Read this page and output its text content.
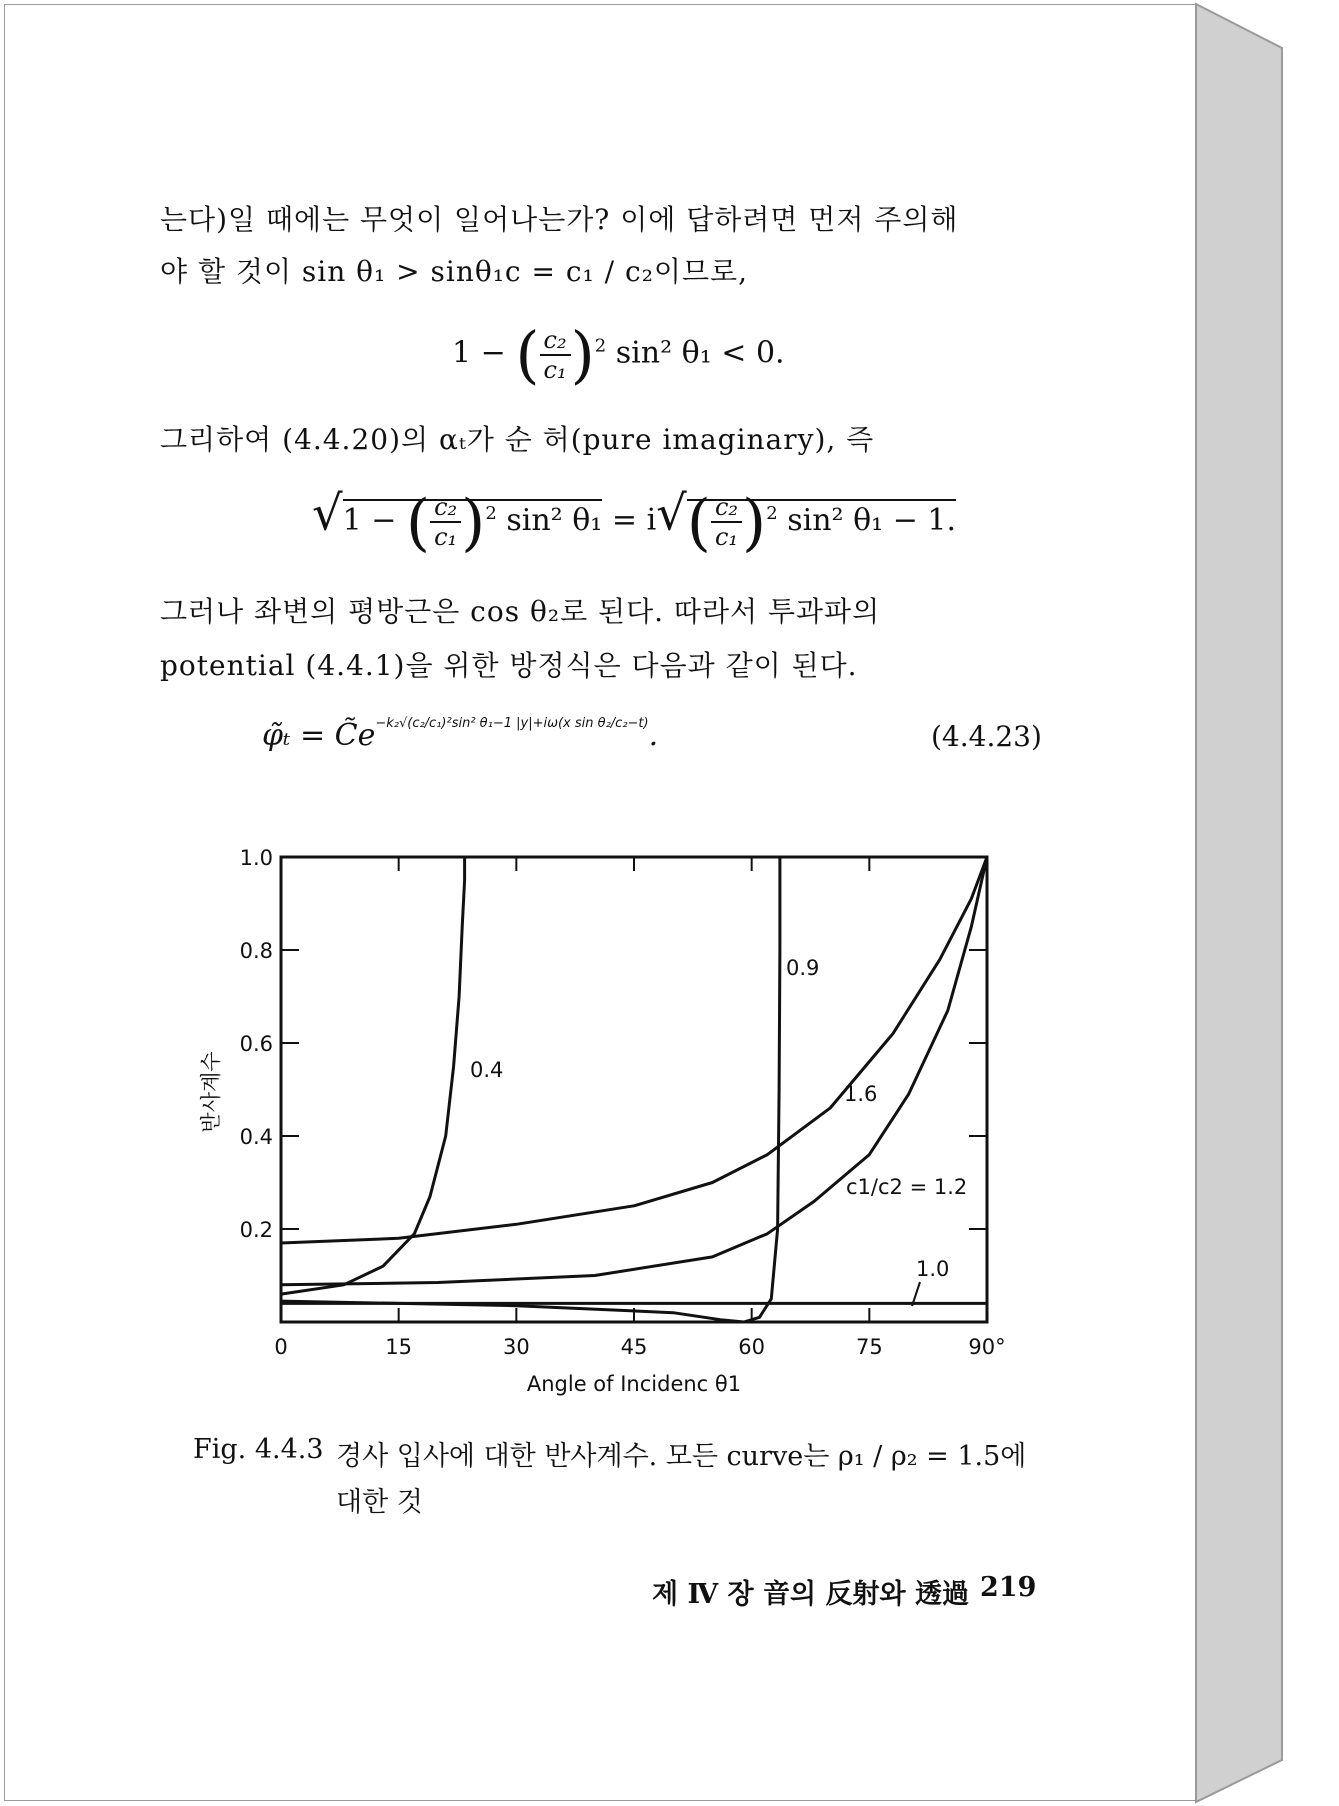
는다)일 때에는 무엇이 일어나는가? 이에 답하려면 먼저 주의해
야 할 것이 sin θ₁ > sinθ₁c = c₁ / c₂이므로,
1 − ( $\frac{\text{c₂}}{\text{c₁}} )^2$ sin² θ₁ < 0.
그리하여 (4.4.20)의 αₜ가 순 허(pure imaginary), 즉
√1 − ( $\frac{\text{c₂}}{\text{c₁}} )^2$ sin² $\theta_1 = i√( \frac{\text{c₂}}{\text{c₁}} )^2$ sin² θ₁ − 1.
그러나 좌변의 평방근은 cos θ₂로 된다. 따라서 투과파의
potential (4.4.1)을 위한 방정식은 다음과 같이 된다.
φ̃ₜ = $C̃e^{-k_2√(c_2/c_1)^2sin^2 \theta_1-1 |y|+i\omega(x sin \theta_2/c_2-t)}$.	(4.4.23)
0	15	30	45	60	75	90°
0.2
0.4
0.6
0.8
1.0
0.4
0.9
1.6
c1/c2 = 1.2
1.0
Angle of Incidenc θ1
반사계수
Fig. 4.4.3 경사 입사에 대한 반사계수. 모든 curve는 ρ₁ / ρ₂ = 1.5에
대한 것
제 Ⅳ 장 音의 反射와 透過 219
